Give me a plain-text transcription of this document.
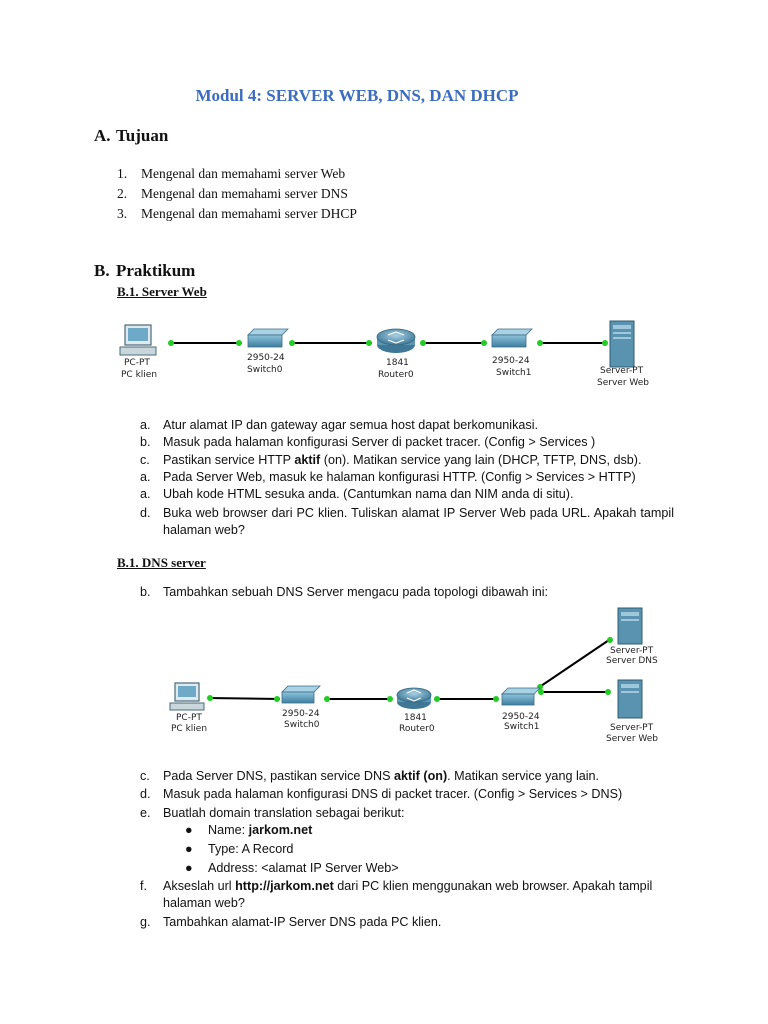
Modul 4: SERVER WEB, DNS, DAN DHCP
A. Tujuan
1. Mengenal dan memahami server Web
2. Mengenal dan memahami server DNS
3. Mengenal dan memahami server DHCP
B. Praktikum
B.1. Server Web
PC-PT
PC klien
2950-24
Switch0
1841
Router0
2950-24
Switch1	Server-PT
Server Web
a. Atur alamat IP dan gateway agar semua host dapat berkomunikasi.
b. Masuk pada halaman konfigurasi Server di packet tracer. (Config > Services )
c. Pastikan service HTTP aktif (on). Matikan service yang lain (DHCP, TFTP, DNS, dsb).
a. Pada Server Web, masuk ke halaman konfigurasi HTTP. (Config > Services > HTTP)
a. Ubah kode HTML sesuka anda. (Cantumkan nama dan NIM anda di situ).
d. Buka web browser dari PC klien. Tuliskan alamat IP Server Web pada URL. Apakah tampil halaman web?
B.1. DNS server
b. Tambahkan sebuah DNS Server mengacu pada topologi dibawah ini:
Server-PT
Server DNS
PC-PT
PC klien
2950-24
Switch0
1841
Router0
2950-24
Switch1	Server-PT
Server Web
c. Pada Server DNS, pastikan service DNS aktif (on). Matikan service yang lain.
d. Masuk pada halaman konfigurasi DNS di packet tracer. (Config > Services > DNS)
e. Buatlah domain translation sebagai berikut:
● Name: jarkom.net
● Type: A Record
● Address: <alamat IP Server Web>
f. Akseslah url http://jarkom.net dari PC klien menggunakan web browser. Apakah tampil halaman web?
g. Tambahkan alamat-IP Server DNS pada PC klien.
